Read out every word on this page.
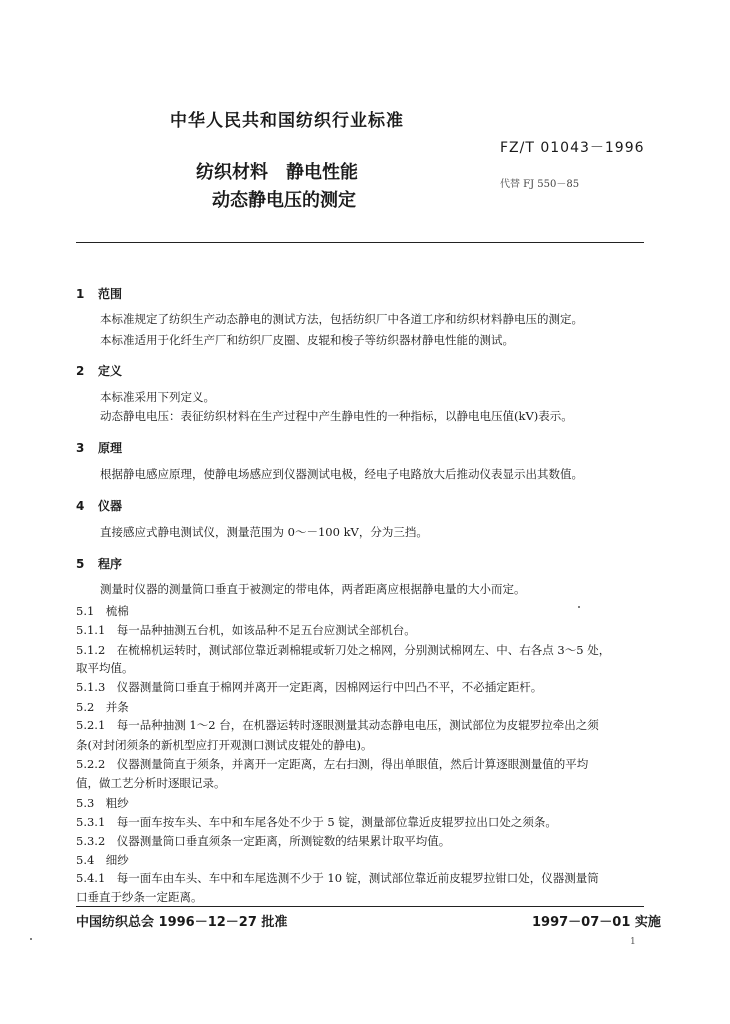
中华人民共和国纺织行业标准
FZ/T 01043－1996
纺织材料　静电性能
代替 FJ 550－85
动态静电压的测定
1 范围
本标准规定了纺织生产动态静电的测试方法，包括纺织厂中各道工序和纺织材料静电压的测定。
本标准适用于化纤生产厂和纺织厂皮圈、皮辊和梭子等纺织器材静电性能的测试。
2 定义
本标准采用下列定义。
动态静电电压：表征纺织材料在生产过程中产生静电性的一种指标，以静电电压值(kV)表示。
3 原理
根据静电感应原理，使静电场感应到仪器测试电极，经电子电路放大后推动仪表显示出其数值。
4 仪器
直接感应式静电测试仪，测量范围为 0～－100 kV，分为三挡。
5 程序
测量时仪器的测量筒口垂直于被测定的带电体，两者距离应根据静电量的大小而定。
5.1　梳棉
5.1.1　每一品种抽测五台机，如该品种不足五台应测试全部机台。
5.1.2　在梳棉机运转时，测试部位靠近剥棉辊或斩刀处之棉网，分别测试棉网左、中、右各点 3～5 处，
取平均值。
5.1.3　仪器测量筒口垂直于棉网并离开一定距离，因棉网运行中凹凸不平，不必插定距杆。
5.2　并条
5.2.1　每一品种抽测 1～2 台，在机器运转时逐眼测量其动态静电电压，测试部位为皮辊罗拉牵出之须
条(对封闭须条的新机型应打开观测口测试皮辊处的静电)。
5.2.2　仪器测量筒直于须条，并离开一定距离，左右扫测，得出单眼值，然后计算逐眼测量值的平均
值，做工艺分析时逐眼记录。
5.3　粗纱
5.3.1　每一面车按车头、车中和车尾各处不少于 5 锭，测量部位靠近皮辊罗拉出口处之须条。
5.3.2　仪器测量筒口垂直须条一定距离，所测锭数的结果累计取平均值。
5.4　细纱
5.4.1　每一面车由车头、车中和车尾选测不少于 10 锭，测试部位靠近前皮辊罗拉钳口处，仪器测量筒
口垂直于纱条一定距离。
中国纺织总会 1996－12－27 批准	1997－07－01 实施
1
